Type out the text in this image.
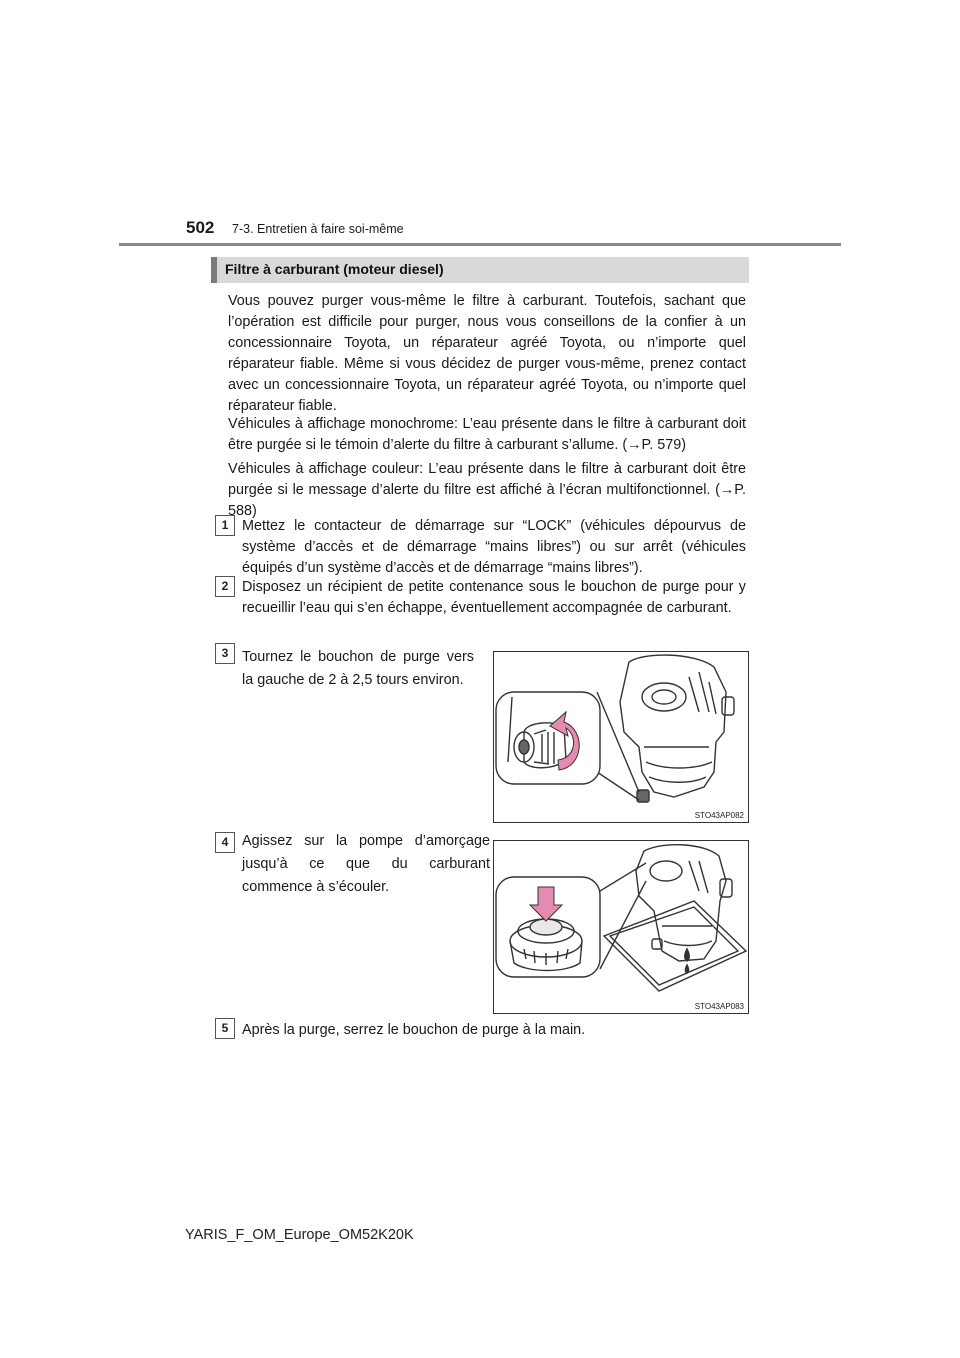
502 7-3. Entretien à faire soi-même
Filtre à carburant (moteur diesel)

Vous pouvez purger vous-même le filtre à carburant. Toutefois, sachant que l’opération est difficile pour purger, nous vous conseillons de la confier à un concessionnaire Toyota, un réparateur agréé Toyota, ou n’importe quel réparateur fiable. Même si vous décidez de purger vous-même, prenez contact avec un concessionnaire Toyota, un réparateur agréé Toyota, ou n’importe quel réparateur fiable.

Véhicules à affichage monochrome: L’eau présente dans le filtre à carburant doit être purgée si le témoin d’alerte du filtre à carburant s’allume. (→P. 579)

Véhicules à affichage couleur: L’eau présente dans le filtre à carburant doit être purgée si le message d’alerte du filtre est affiché à l’écran multifonctionnel. (→P. 588)

1 Mettez le contacteur de démarrage sur “LOCK” (véhicules dépourvus de système d’accès et de démarrage “mains libres”) ou sur arrêt (véhicules équipés d’un système d’accès et de démarrage “mains libres”).

2 Disposez un récipient de petite contenance sous le bouchon de purge pour y recueillir l’eau qui s’en échappe, éventuellement accompagnée de carburant.

3 Tournez le bouchon de purge vers la gauche de 2 à 2,5 tours environ.

STO43AP082
4 Agissez sur la pompe d’amorçage jusqu’à ce que du carburant commence à s’écouler.

STO43AP083
5 Après la purge, serrez le bouchon de purge à la main.

YARIS_F_OM_Europe_OM52K20K
